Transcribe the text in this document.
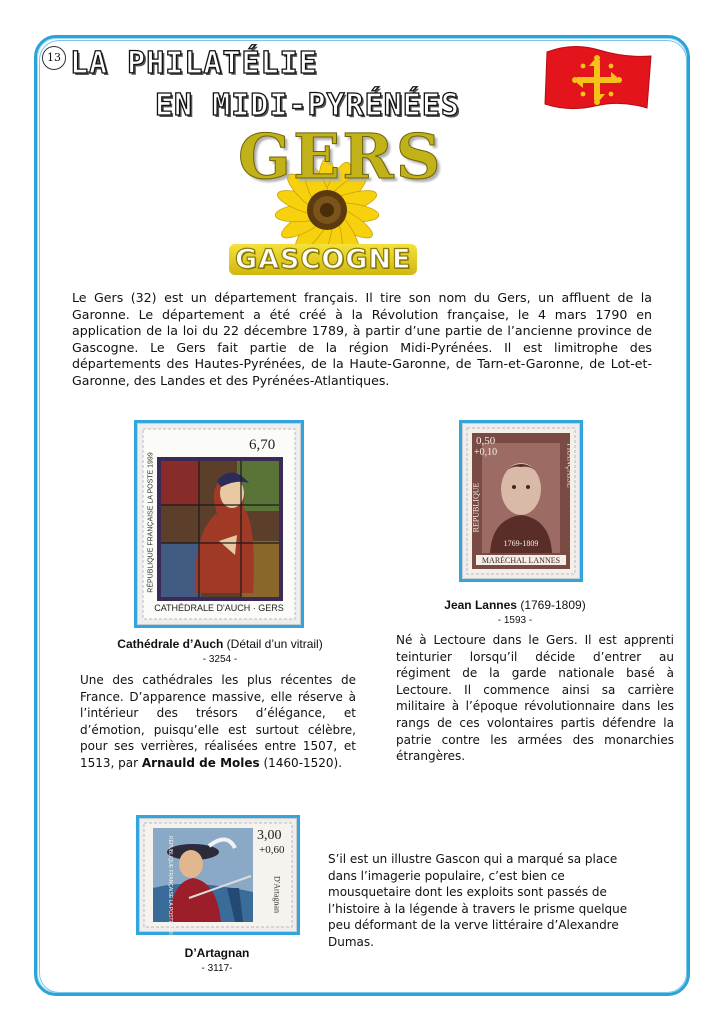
13 LA PHILATÉLIE
EN MIDI-PYRÉNÉES
GERS
GASCOGNE

Le Gers (32) est un département français. Il tire son nom du Gers, un affluent de la Garonne. Le département a été créé à la Révolution française, le 4 mars 1790 en application de la loi du 22 décembre 1789, à partir d’une partie de l’ancienne province de Gascogne. Le Gers fait partie de la région Midi-Pyrénées. Il est limitrophe des départements des Hautes-Pyrénées, de la Haute-Garonne, de Tarn-et-Garonne, de Lot-et-Garonne, des Landes et des Pyrénées-Atlantiques.

6,70
RÉPUBLIQUE FRANÇAISE LA POSTE 1999
CATHÉDRALE D'AUCH · GERS
Cathédrale d’Auch (Détail d’un vitrail)
- 3254 -

Une des cathédrales les plus récentes de France. D’apparence massive, elle réserve à l’intérieur des trésors d’élégance, et d’émotion, puisqu’elle est surtout célèbre, pour ses verrières, réalisées entre 1507, et 1513, par Arnauld de Moles (1460-1520).

0,50
+0,10
REPUBLIQUE
FRANÇAISE
1769-1809
MARÉCHAL LANNES
Jean Lannes (1769-1809)
- 1593 -

Né à Lectoure dans le Gers. Il est apprenti teinturier lorsqu’il décide d’entrer au régiment de la garde nationale basé à Lectoure. Il commence ainsi sa carrière militaire à l’époque révolutionnaire dans les rangs de ces volontaires partis défendre la patrie contre les armées des monarchies étrangères.

3,00
+0,60
RÉPUBLIQUE FRANÇAISE LA POSTE 1997	D'Artagnan
D’Artagnan
- 3117-

S’il est un illustre Gascon qui a marqué sa place dans l’imagerie populaire, c’est bien ce mousquetaire dont les exploits sont passés de l’histoire à la légende à travers le prisme quelque peu déformant de la verve littéraire d’Alexandre Dumas.
